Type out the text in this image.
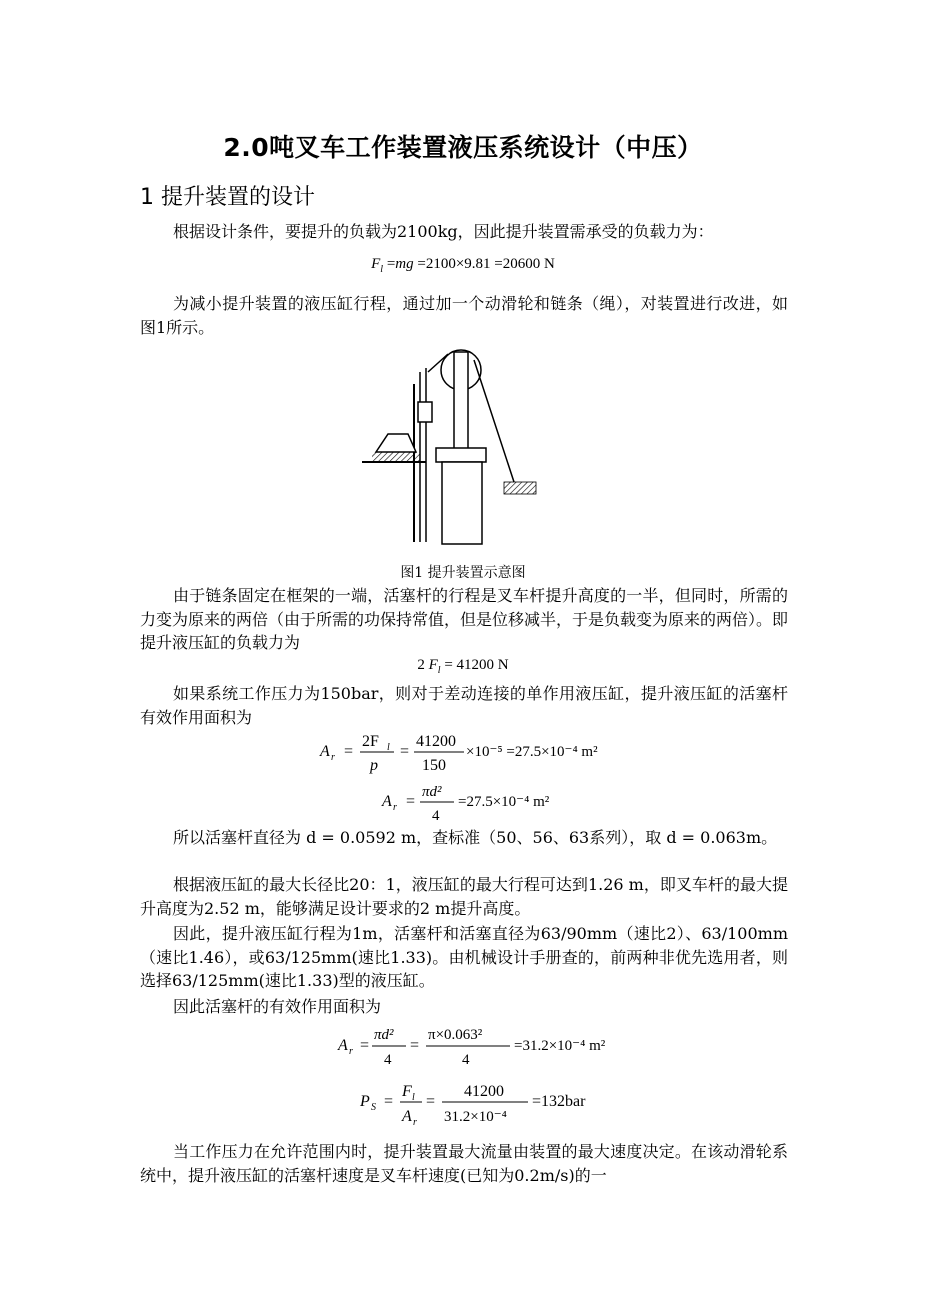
2.0吨叉车工作装置液压系统设计（中压）
1 提升装置的设计
根据设计条件，要提升的负载为2100kg，因此提升装置需承受的负载力为：
$F_l =mg =2100\times 9.81 =20600$ N
为减小提升装置的液压缸行程，通过加一个动滑轮和链条（绳），对装置进行改进，如图1所示。
图1 提升装置示意图
由于链条固定在框架的一端，活塞杆的行程是叉车杆提升高度的一半，但同时，所需的力变为原来的两倍（由于所需的功保持常值，但是位移减半，于是负载变为原来的两倍）。即提升液压缸的负载力为
2 $F_l = 41200$ N
如果系统工作压力为150bar，则对于差动连接的单作用液压缸，提升液压缸的活塞杆有效作用面积为
A r =
2F l
p
=
41200
150
×10⁻⁵ =27.5×10⁻⁴ m²
A r =
πd²
4
=27.5×10⁻⁴ m²
所以活塞杆直径为 d = 0.0592 m，查标准（50、56、63系列），取 d = 0.063m。
根据液压缸的最大长径比20：1，液压缸的最大行程可达到1.26 m，即叉车杆的最大提升高度为2.52 m，能够满足设计要求的2 m提升高度。
因此，提升液压缸行程为1m，活塞杆和活塞直径为63/90mm（速比2）、63/100mm（速比1.46），或63/125mm(速比1.33)。由机械设计手册查的，前两种非优先选用者，则选择63/125mm(速比1.33)型的液压缸。
因此活塞杆的有效作用面积为
A r =
πd²
4
=
π×0.063²
4
=31.2×10⁻⁴ m²
P S =
F l
A r
=
41200
31.2×10⁻⁴
=132bar
当工作压力在允许范围内时，提升装置最大流量由装置的最大速度决定。在该动滑轮系统中，提升液压缸的活塞杆速度是叉车杆速度(已知为0.2m/s)的一
